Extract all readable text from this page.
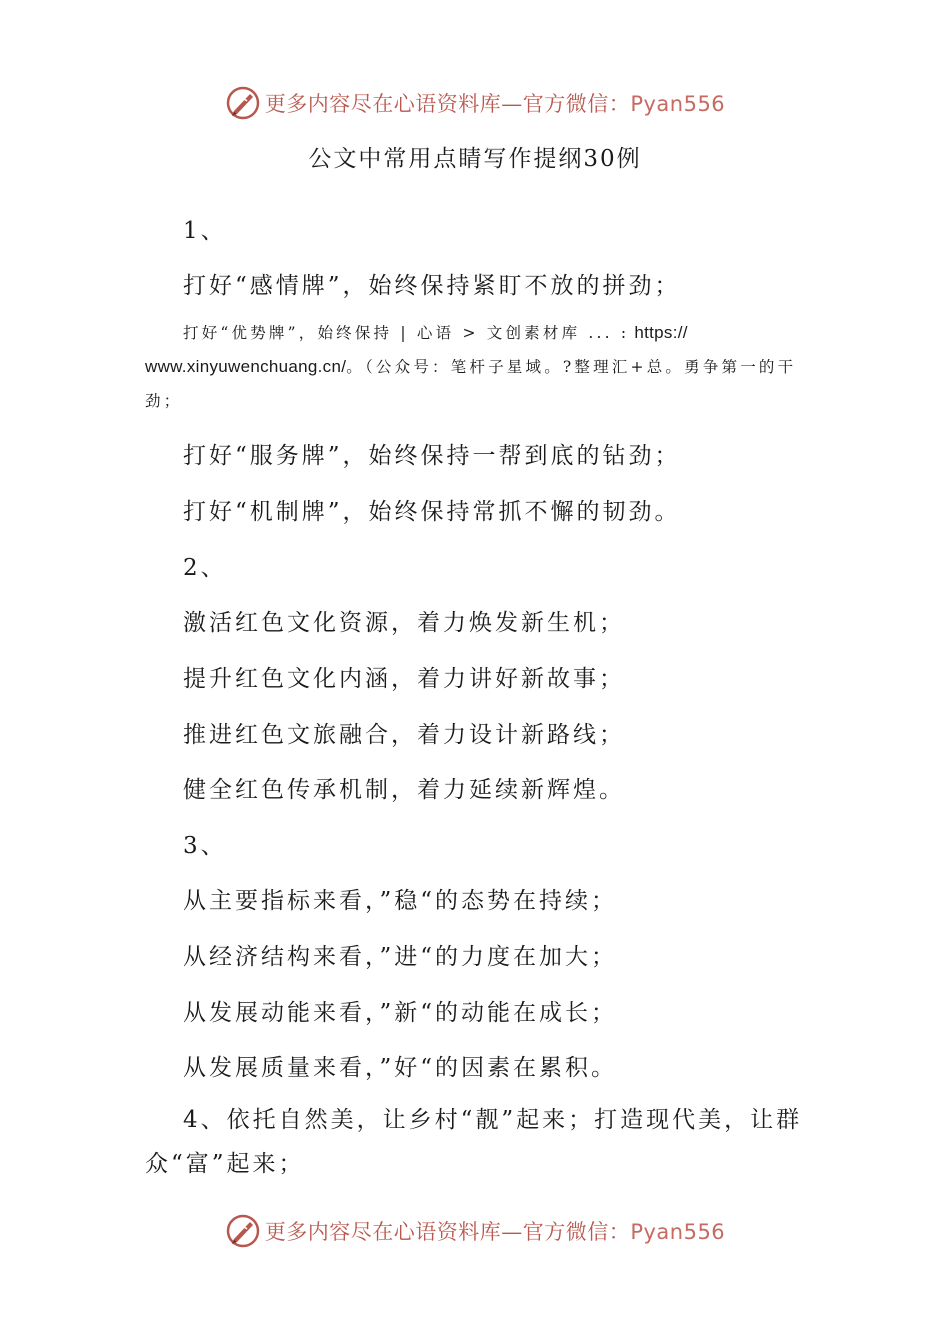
更多内容尽在心语资料库—官方微信：Pyan556
公文中常用点睛写作提纲30例
1、
打好“感情牌”，始终保持紧盯不放的拼劲；
打好“优势牌”，始终保持 | 心语 > 文创素材库 ... : https://
www.xinyuwenchuang.cn/。（公众号：笔杆子星域。?整理汇+总。勇争第一的干劲；
打好“服务牌”，始终保持一帮到底的钻劲；
打好“机制牌”，始终保持常抓不懈的韧劲。
2、
激活红色文化资源，着力焕发新生机；
提升红色文化内涵，着力讲好新故事；
推进红色文旅融合，着力设计新路线；
健全红色传承机制，着力延续新辉煌。
3、
从主要指标来看，”稳“的态势在持续；
从经济结构来看，”进“的力度在加大；
从发展动能来看，”新“的动能在成长；
从发展质量来看，”好“的因素在累积。
4、依托自然美，让乡村“靓”起来；打造现代美，让群众“富”起来；
更多内容尽在心语资料库—官方微信：Pyan556
